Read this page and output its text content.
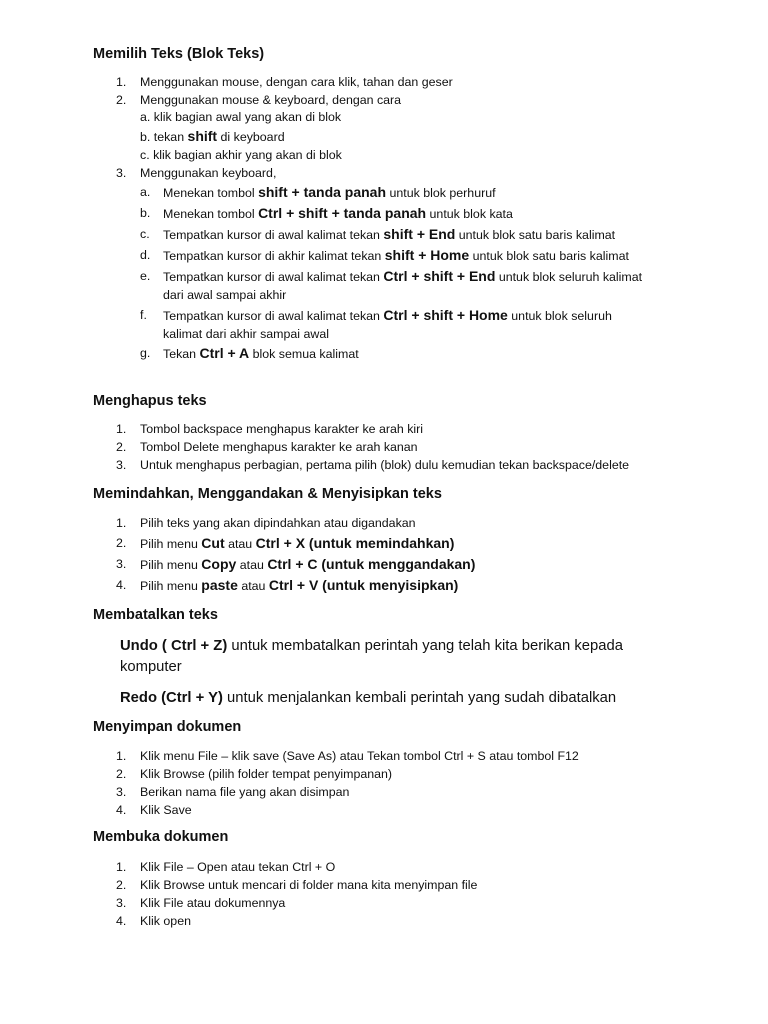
Memilih Teks (Blok Teks)
1. Menggunakan mouse, dengan cara klik, tahan dan geser
2. Menggunakan mouse & keyboard, dengan cara
a. klik bagian awal yang akan di blok
b. tekan shift di keyboard
c. klik bagian akhir yang akan di blok
3. Menggunakan keyboard,
a. Menekan tombol shift + tanda panah untuk blok perhuruf
b. Menekan tombol Ctrl + shift + tanda panah untuk blok kata
c. Tempatkan kursor di awal kalimat tekan shift + End untuk blok satu baris kalimat
d. Tempatkan kursor di akhir kalimat tekan shift + Home untuk blok satu baris kalimat
e. Tempatkan kursor di awal kalimat tekan Ctrl + shift + End untuk blok seluruh kalimat
dari awal sampai akhir
f. Tempatkan kursor di awal kalimat tekan Ctrl + shift + Home untuk blok seluruh
kalimat dari akhir sampai awal
g. Tekan Ctrl + A blok semua kalimat
Menghapus teks
1. Tombol backspace menghapus karakter ke arah kiri
2. Tombol Delete menghapus karakter ke arah kanan
3. Untuk menghapus perbagian, pertama pilih (blok) dulu kemudian tekan backspace/delete
Memindahkan, Menggandakan & Menyisipkan teks
1. Pilih teks yang akan dipindahkan atau digandakan
2. Pilih menu Cut atau Ctrl + X (untuk memindahkan)
3. Pilih menu Copy atau Ctrl + C (untuk menggandakan)
4. Pilih menu paste atau Ctrl + V (untuk menyisipkan)
Membatalkan teks
Undo ( Ctrl + Z) untuk membatalkan perintah yang telah kita berikan kepada
komputer
Redo (Ctrl + Y) untuk menjalankan kembali perintah yang sudah dibatalkan
Menyimpan dokumen
1. Klik menu File – klik save (Save As) atau Tekan tombol Ctrl + S atau tombol F12
2. Klik Browse (pilih folder tempat penyimpanan)
3. Berikan nama file yang akan disimpan
4. Klik Save
Membuka dokumen
1. Klik File – Open atau tekan Ctrl + O
2. Klik Browse untuk mencari di folder mana kita menyimpan file
3. Klik File atau dokumennya
4. Klik open
